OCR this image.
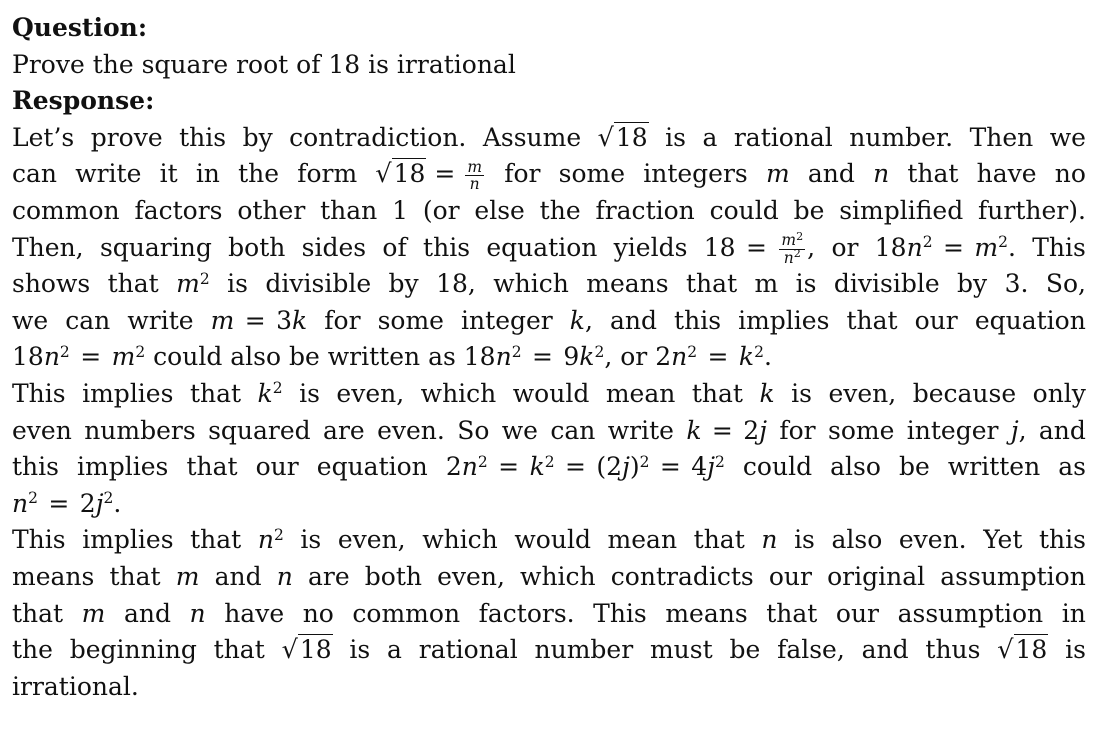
Question:
Prove the square root of 18 is irrational
Response:
Let’s prove this by contradiction. Assume √18 is a rational number. Then we
can write it in the form $√18 = \frac{m}{n}$ for some integers m and n that have no
common factors other than 1 (or else the fraction could be simplified further).
Then, squaring both sides of this equation yields 18  =  $\frac{m^2}{n^2}$ , or $18n^2$  =  $m^2$. This
shows that $m^2$ is divisible by 18, which means that m is divisible by 3. So,
we can write m  =  3k for some integer k, and this implies that our equation
$18n^2$  =  $m^2$ could also be written as $18n^2$  =  $9k^2$, or $2n^2$  =  $k^2$.
This implies that $k^2$ is even, which would mean that k is even, because only
even numbers squared are even. So we can write k  =  2j for some integer j, and
this implies that our equation $2n^2$  =  $k^2$  =  $(2j)^2$  =  $4j^2$ could also be written as
$n^2$  =  $2j^2$.
This implies that $n^2$ is even, which would mean that n is also even. Yet this
means that m and n are both even, which contradicts our original assumption
that m and n have no common factors. This means that our assumption in
the beginning that √18 is a rational number must be false, and thus √18 is
irrational.
